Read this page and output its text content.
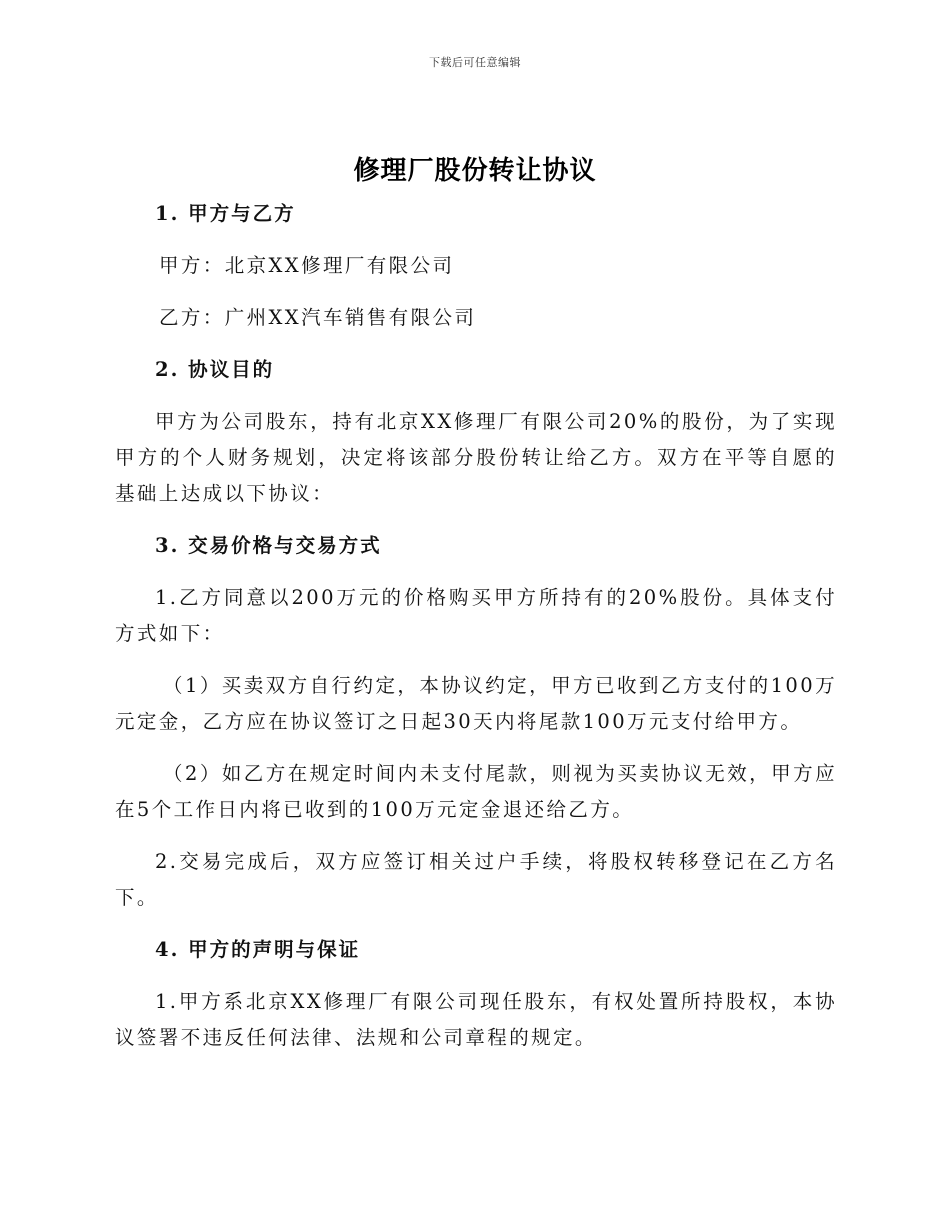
下载后可任意编辑
修理厂股份转让协议

1. 甲方与乙方

甲方：北京XX修理厂有限公司

乙方：广州XX汽车销售有限公司

2. 协议目的

甲方为公司股东，持有北京XX修理厂有限公司20%的股份，为了实现甲方的个人财务规划，决定将该部分股份转让给乙方。双方在平等自愿的基础上达成以下协议：

3. 交易价格与交易方式

1.乙方同意以200万元的价格购买甲方所持有的20%股份。具体支付方式如下：

（1）买卖双方自行约定，本协议约定，甲方已收到乙方支付的100万元定金，乙方应在协议签订之日起30天内将尾款100万元支付给甲方。

（2）如乙方在规定时间内未支付尾款，则视为买卖协议无效，甲方应在5个工作日内将已收到的100万元定金退还给乙方。

2.交易完成后，双方应签订相关过户手续，将股权转移登记在乙方名下。

4. 甲方的声明与保证

1.甲方系北京XX修理厂有限公司现任股东，有权处置所持股权，本协议签署不违反任何法律、法规和公司章程的规定。
